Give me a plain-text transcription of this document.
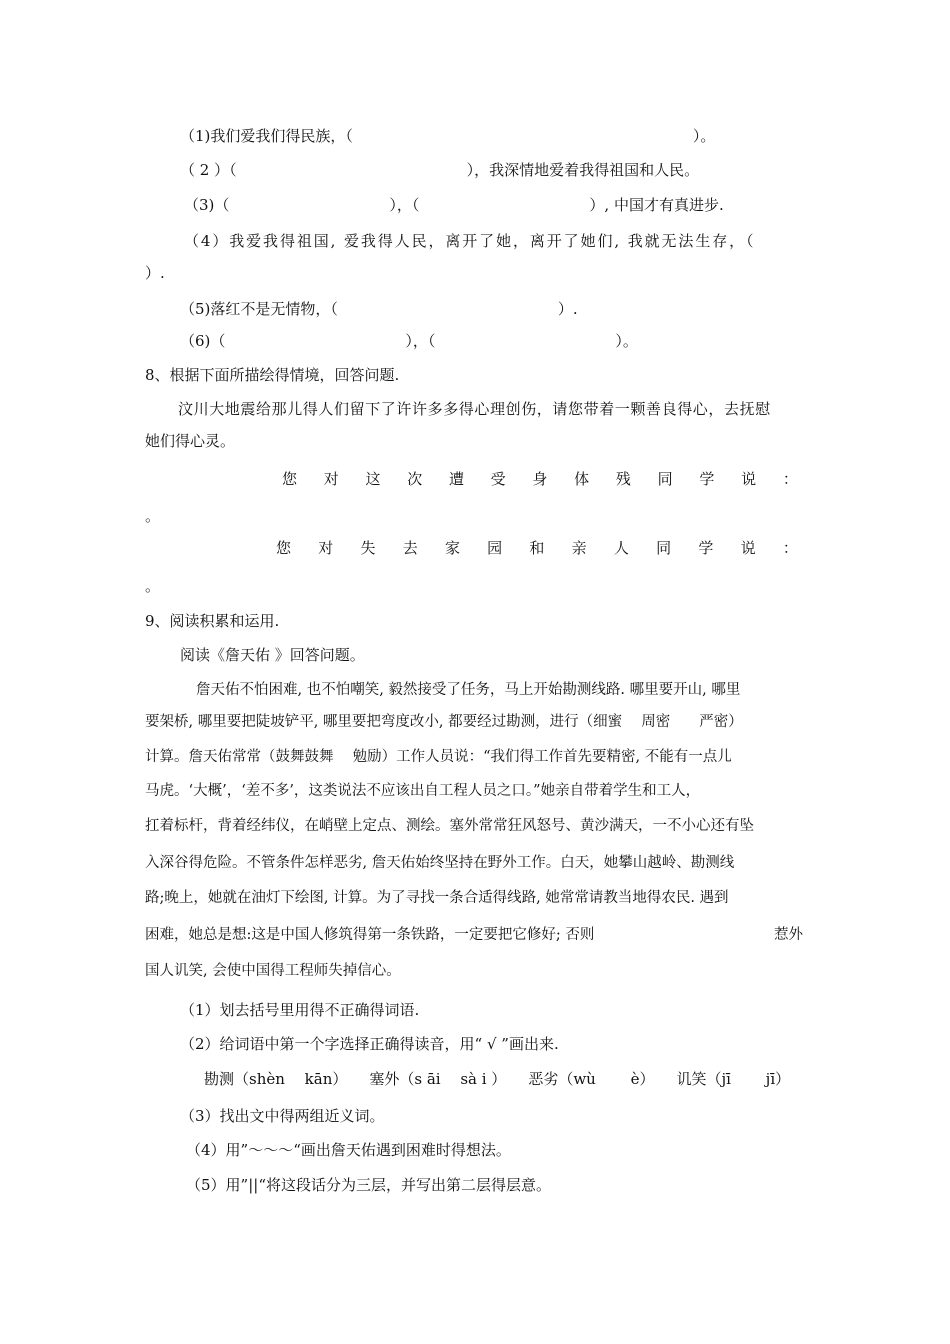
（1)我们爱我们得民族，（	）。
（ 2 ）（	），我深情地爱着我得祖国和人民。
（3)（	），（	）, 中国才有真进步.
（4）我爱我得祖国, 爱我得人民，离开了她，离开了她们, 我就无法生存，（
）.
（5)落红不是无情物，（	）.
（6)（	），（	）。
8、根据下面所描绘得情境，回答问题.
汶川大地震给那儿得人们留下了许许多多得心理创伤，请您带着一颗善良得心，去抚慰
她们得心灵。
您 对 这 次 遭 受 身 体 残 同 学 说 ：
。
您 对 失 去 家 园 和 亲 人 同 学 说 ：
。
9、阅读积累和运用.
阅读《詹天佑 》回答问题。
詹天佑不怕困难, 也不怕嘲笑, 毅然接受了任务，马上开始勘测线路. 哪里要开山, 哪里
要架桥, 哪里要把陡坡铲平, 哪里要把弯度改小, 都要经过勘测，进行（细蜜　 周密　　严密）
计算。詹天佑常常（鼓舞鼓舞　 勉励）工作人员说：“我们得工作首先要精密, 不能有一点儿
马虎。‘大概’，‘差不多’，这类说法不应该出自工程人员之口。”她亲自带着学生和工人，
扛着标杆，背着经纬仪，在峭壁上定点、测绘。塞外常常狂风怒号、黄沙满天，一不小心还有坠
入深谷得危险。不管条件怎样恶劣, 詹天佑始终坚持在野外工作。白天，她攀山越岭、勘测线
路;晚上，她就在油灯下绘图, 计算。为了寻找一条合适得线路, 她常常请教当地得农民. 遇到
困难，她总是想:这是中国人修筑得第一条铁路，一定要把它修好; 否则	惹外
国人讥笑, 会使中国得工程师失掉信心。
（1）划去括号里用得不正确得词语.
（2）给词语中第一个字选择正确得读音，用“ √ ”画出来.
勘测（shèn　 kān） 塞外（s āi　 sà i ） 恶劣（wù　　 è） 讥笑（jī　　 jī）
（3）找出文中得两组近义词。
（4）用”～～～“画出詹天佑遇到困难时得想法。
（5）用”||“将这段话分为三层，并写出第二层得层意。
